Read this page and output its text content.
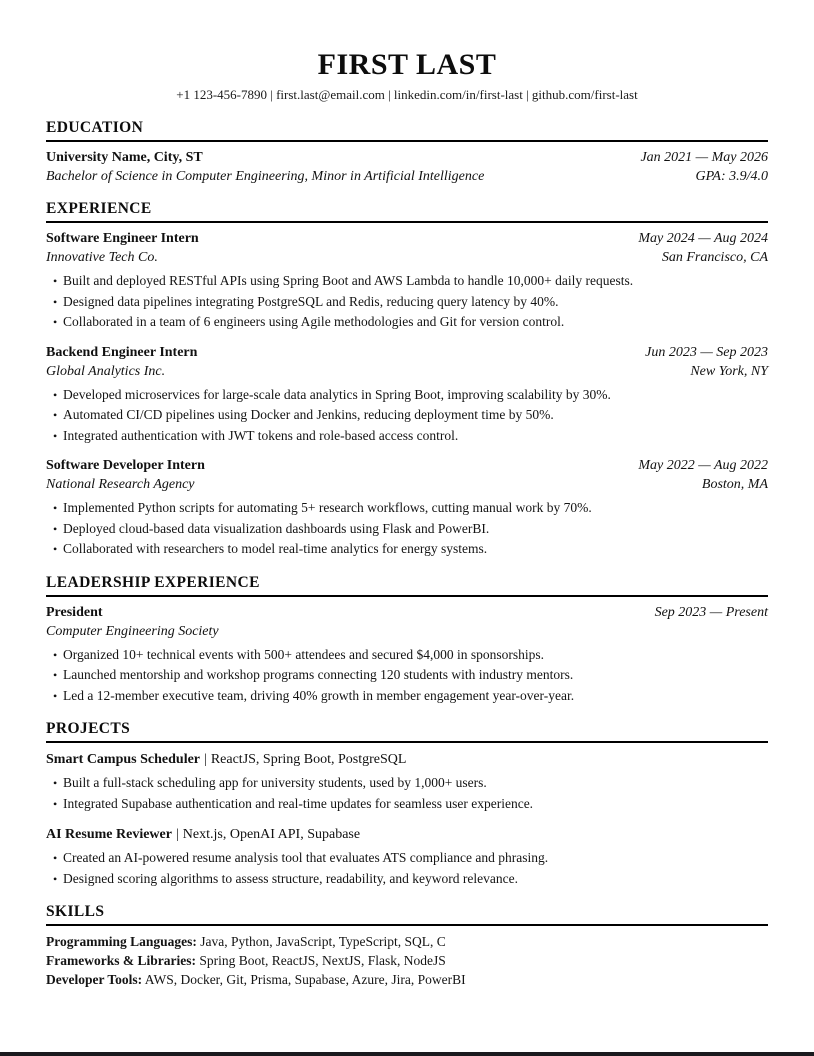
FIRST LAST
+1 123-456-7890 | first.last@email.com | linkedin.com/in/first-last | github.com/first-last
EDUCATION
University Name, City, ST	Jan 2021 — May 2026
Bachelor of Science in Computer Engineering, Minor in Artificial Intelligence	GPA: 3.9/4.0
EXPERIENCE
Software Engineer Intern	May 2024 — Aug 2024
Innovative Tech Co.	San Francisco, CA
• Built and deployed RESTful APIs using Spring Boot and AWS Lambda to handle 10,000+ daily requests.
• Designed data pipelines integrating PostgreSQL and Redis, reducing query latency by 40%.
• Collaborated in a team of 6 engineers using Agile methodologies and Git for version control.
Backend Engineer Intern	Jun 2023 — Sep 2023
Global Analytics Inc.	New York, NY
• Developed microservices for large-scale data analytics in Spring Boot, improving scalability by 30%.
• Automated CI/CD pipelines using Docker and Jenkins, reducing deployment time by 50%.
• Integrated authentication with JWT tokens and role-based access control.
Software Developer Intern	May 2022 — Aug 2022
National Research Agency	Boston, MA
• Implemented Python scripts for automating 5+ research workflows, cutting manual work by 70%.
• Deployed cloud-based data visualization dashboards using Flask and PowerBI.
• Collaborated with researchers to model real-time analytics for energy systems.
LEADERSHIP EXPERIENCE
President	Sep 2023 — Present
Computer Engineering Society
• Organized 10+ technical events with 500+ attendees and secured $4,000 in sponsorships.
• Launched mentorship and workshop programs connecting 120 students with industry mentors.
• Led a 12-member executive team, driving 40% growth in member engagement year-over-year.
PROJECTS
Smart Campus Scheduler
|
ReactJS, Spring Boot, PostgreSQL
• Built a full-stack scheduling app for university students, used by 1,000+ users.
• Integrated Supabase authentication and real-time updates for seamless user experience.
AI Resume Reviewer
|
Next.js, OpenAI API, Supabase
• Created an AI-powered resume analysis tool that evaluates ATS compliance and phrasing.
• Designed scoring algorithms to assess structure, readability, and keyword relevance.
SKILLS
Programming Languages: Java, Python, JavaScript, TypeScript, SQL, C
Frameworks & Libraries: Spring Boot, ReactJS, NextJS, Flask, NodeJS
Developer Tools: AWS, Docker, Git, Prisma, Supabase, Azure, Jira, PowerBI
